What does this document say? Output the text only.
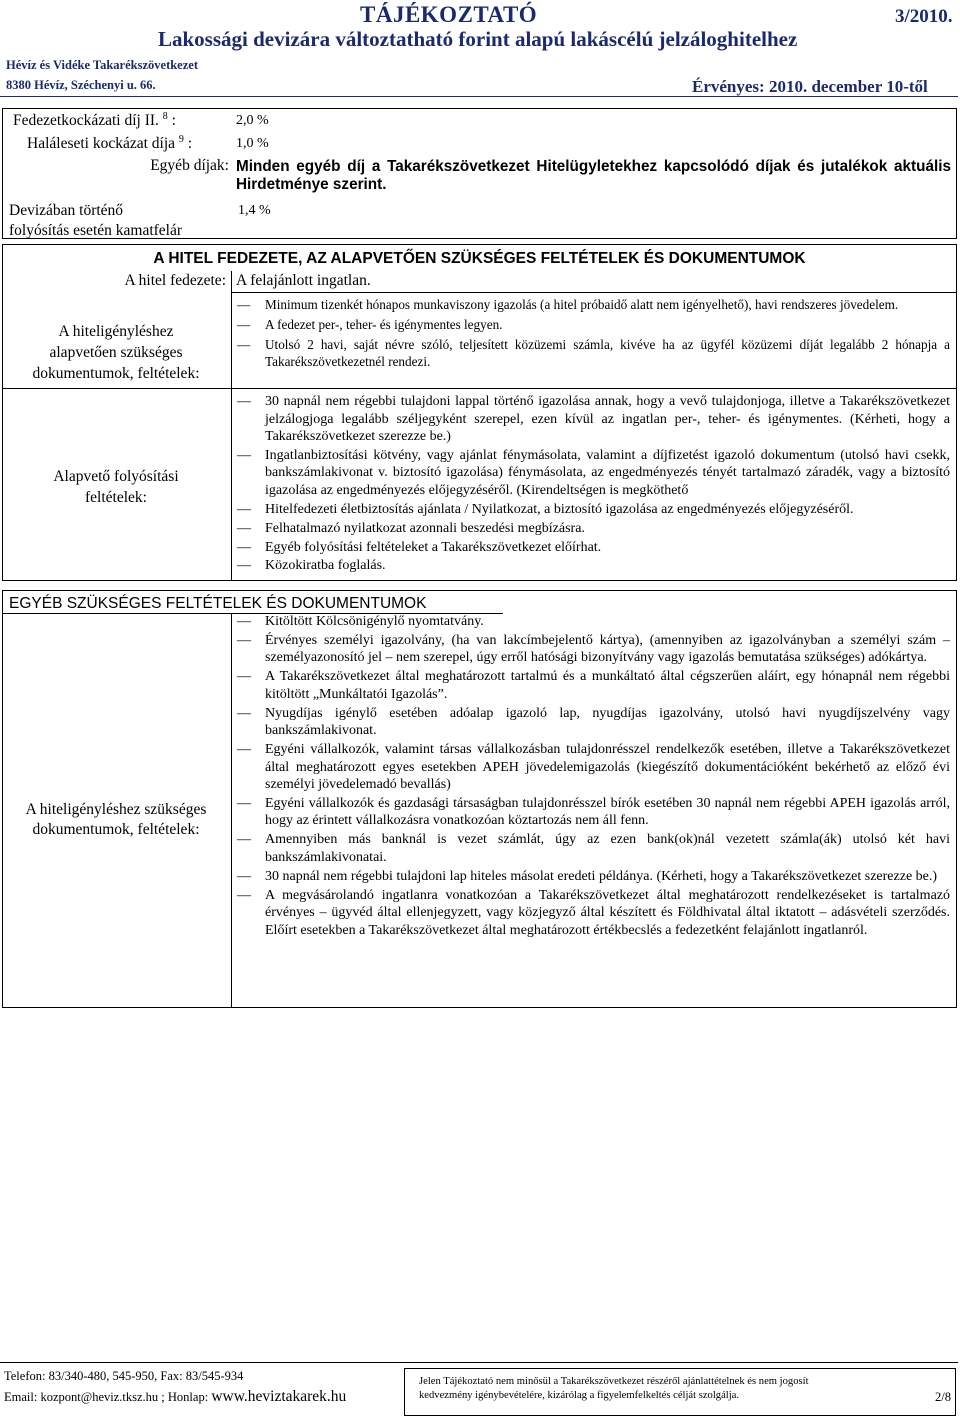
TÁJÉKOZTATÓ	3/2010.
Lakossági devizára változtatható forint alapú lakáscélú jelzáloghitelhez
Hévíz és Vidéke Takarékszövetkezet
8380 Hévíz, Széchenyi u. 66.	Érvényes: 2010. december 10-től
Fedezetkockázati díj II. $^8$ :	2,0 %
Haláleseti kockázat díja $^9$ :	1,0 %
Egyéb díjak: Minden egyéb díj a Takarékszövetkezet Hitelügyletekhez kapcsolódó díjak és jutalékok aktuális Hirdetménye szerint.
Devizában történő
folyósítás esetén kamatfelár
1,4 %
A HITEL FEDEZETE, AZ ALAPVETŐEN SZÜKSÉGES FELTÉTELEK ÉS DOKUMENTUMOK
A hitel fedezete: A felajánlott ingatlan.
A hiteligényléshez
alapvetően szükséges
dokumentumok, feltételek:
— Minimum tizenkét hónapos munkaviszony igazolás (a hitel próbaidő alatt nem igényelhető), havi rendszeres jövedelem.
— A fedezet per-, teher- és igénymentes legyen.
— Utolsó 2 havi, saját névre szóló, teljesített közüzemi számla, kivéve ha az ügyfél közüzemi díját legalább 2 hónapja a Takarékszövetkezetnél rendezi.
Alapvető folyósítási
feltételek:
— 30 napnál nem régebbi tulajdoni lappal történő igazolása annak, hogy a vevő tulajdonjoga, illetve a Takarékszövetkezet jelzálogjoga legalább széljegyként szerepel, ezen kívül az ingatlan per-, teher- és igénymentes. (Kérheti, hogy a Takarékszövetkezet szerezze be.)
— Ingatlanbiztosítási kötvény, vagy ajánlat fénymásolata, valamint a díjfizetést igazoló dokumentum (utolsó havi csekk, bankszámlakivonat v. biztosító igazolása) fénymásolata, az engedményezés tényét tartalmazó záradék, vagy a biztosító igazolása az engedményezés előjegyzéséről. (Kirendeltségen is megköthető
— Hitelfedezeti életbiztosítás ajánlata / Nyilatkozat, a biztosító igazolása az engedményezés előjegyzéséről.
— Felhatalmazó nyilatkozat azonnali beszedési megbízásra.
— Egyéb folyósítási feltételeket a Takarékszövetkezet előírhat.
— Közokiratba foglalás.
EGYÉB SZÜKSÉGES FELTÉTELEK ÉS DOKUMENTUMOK
A hiteligényléshez szükséges
dokumentumok, feltételek:
— Kitöltött Kölcsönigénylő nyomtatvány.
— Érvényes személyi igazolvány, (ha van lakcímbejelentő kártya), (amennyiben az igazolványban a személyi szám – személyazonosító jel – nem szerepel, úgy erről hatósági bizonyítvány vagy igazolás bemutatása szükséges) adókártya.
— A Takarékszövetkezet által meghatározott tartalmú és a munkáltató által cégszerűen aláírt, egy hónapnál nem régebbi kitöltött „Munkáltatói Igazolás”.
— Nyugdíjas igénylő esetében adóalap igazoló lap, nyugdíjas igazolvány, utolsó havi nyugdíjszelvény vagy bankszámlakivonat.
— Egyéni vállalkozók, valamint társas vállalkozásban tulajdonrésszel rendelkezők esetében, illetve a Takarékszövetkezet által meghatározott egyes esetekben APEH jövedelemigazolás (kiegészítő dokumentációként bekérhető az előző évi személyi jövedelemadó bevallás)
— Egyéni vállalkozók és gazdasági társaságban tulajdonrésszel bírók esetében 30 napnál nem régebbi APEH igazolás arról, hogy az érintett vállalkozásra vonatkozóan köztartozás nem áll fenn.
— Amennyiben más banknál is vezet számlát, úgy az ezen bank(ok)nál vezetett számla(ák) utolsó két havi bankszámlakivonatai.
— 30 napnál nem régebbi tulajdoni lap hiteles másolat eredeti példánya. (Kérheti, hogy a Takarékszövetkezet szerezze be.)
— A megvásárolandó ingatlanra vonatkozóan a Takarékszövetkezet által meghatározott rendelkezéseket is tartalmazó érvényes – ügyvéd által ellenjegyzett, vagy közjegyző által készített és Földhivatal által iktatott – adásvételi szerződés. Előírt esetekben a Takarékszövetkezet által meghatározott értékbecslés a fedezetként felajánlott ingatlanról.
Telefon: 83/340-480, 545-950, Fax: 83/545-934
Email: kozpont@heviz.tksz.hu ; Honlap: www.heviztakarek.hu
Jelen Tájékoztató nem minősül a Takarékszövetkezet részéről ajánlattételnek és nem jogosít
kedvezmény igénybevételére, kizárólag a figyelemfelkeltés célját szolgálja.	2/8
